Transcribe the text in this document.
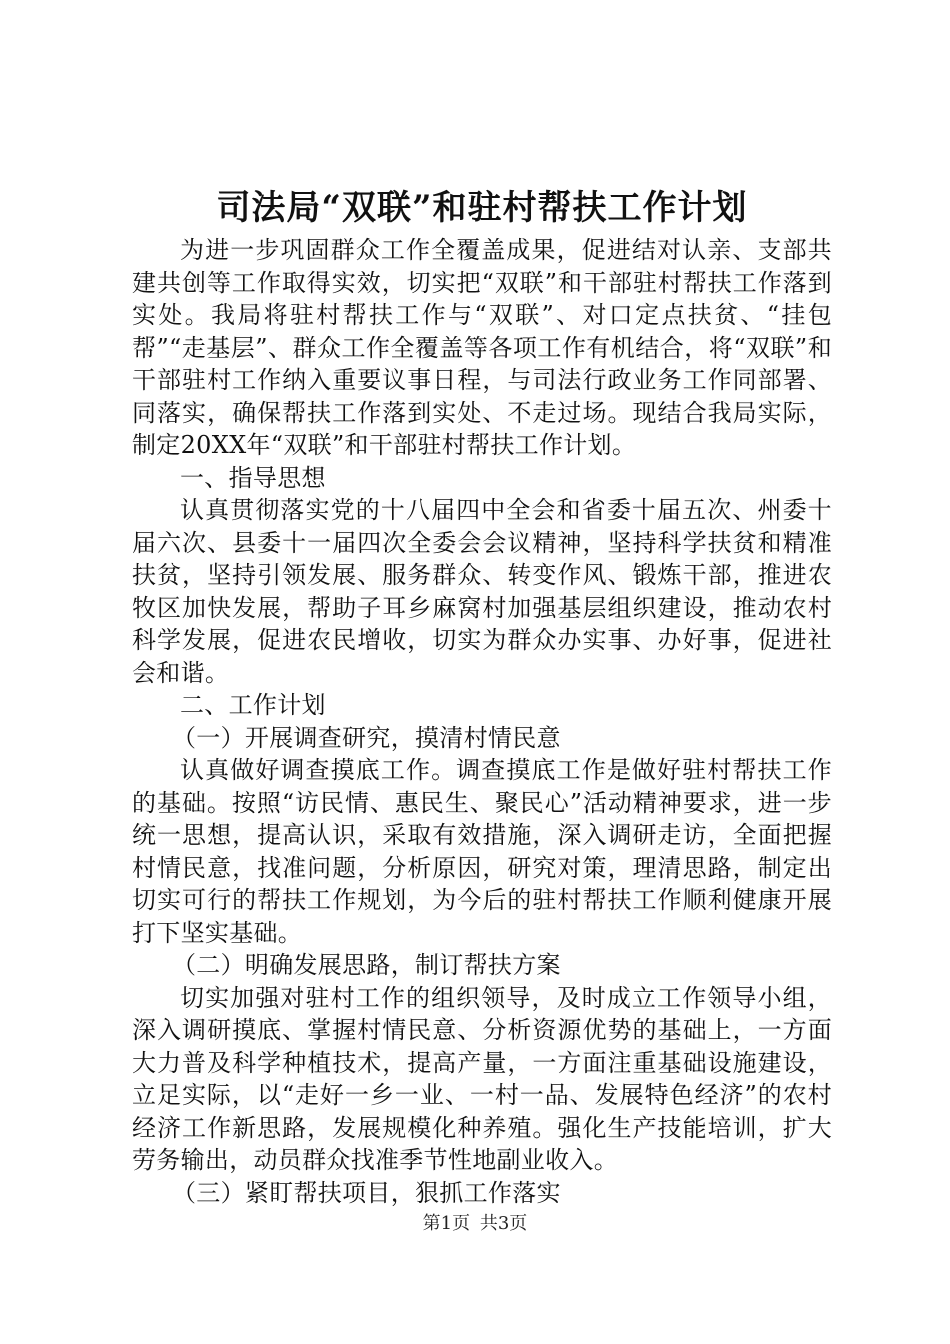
司法局“双联”和驻村帮扶工作计划

为进一步巩固群众工作全覆盖成果，促进结对认亲、支部共建共创等工作取得实效，切实把“双联”和干部驻村帮扶工作落到实处。我局将驻村帮扶工作与“双联”、对口定点扶贫、“挂包帮”“走基层”、群众工作全覆盖等各项工作有机结合，将“双联”和干部驻村工作纳入重要议事日程，与司法行政业务工作同部署、同落实，确保帮扶工作落到实处、不走过场。现结合我局实际，制定20XX年“双联”和干部驻村帮扶工作计划。

一、指导思想

认真贯彻落实党的十八届四中全会和省委十届五次、州委十届六次、县委十一届四次全委会会议精神，坚持科学扶贫和精准扶贫，坚持引领发展、服务群众、转变作风、锻炼干部，推进农牧区加快发展，帮助子耳乡麻窝村加强基层组织建设，推动农村科学发展，促进农民增收，切实为群众办实事、办好事，促进社会和谐。

二、工作计划

（一）开展调查研究，摸清村情民意

认真做好调查摸底工作。调查摸底工作是做好驻村帮扶工作的基础。按照“访民情、惠民生、聚民心”活动精神要求，进一步统一思想，提高认识，采取有效措施，深入调研走访，全面把握村情民意，找准问题，分析原因，研究对策，理清思路，制定出切实可行的帮扶工作规划，为今后的驻村帮扶工作顺利健康开展打下坚实基础。

（二）明确发展思路，制订帮扶方案

切实加强对驻村工作的组织领导，及时成立工作领导小组，深入调研摸底、掌握村情民意、分析资源优势的基础上，一方面大力普及科学种植技术，提高产量，一方面注重基础设施建设，立足实际，以“走好一乡一业、一村一品、发展特色经济”的农村经济工作新思路，发展规模化种养殖。强化生产技能培训，扩大劳务输出，动员群众找准季节性地副业收入。

（三）紧盯帮扶项目，狠抓工作落实

第1页 共3页
